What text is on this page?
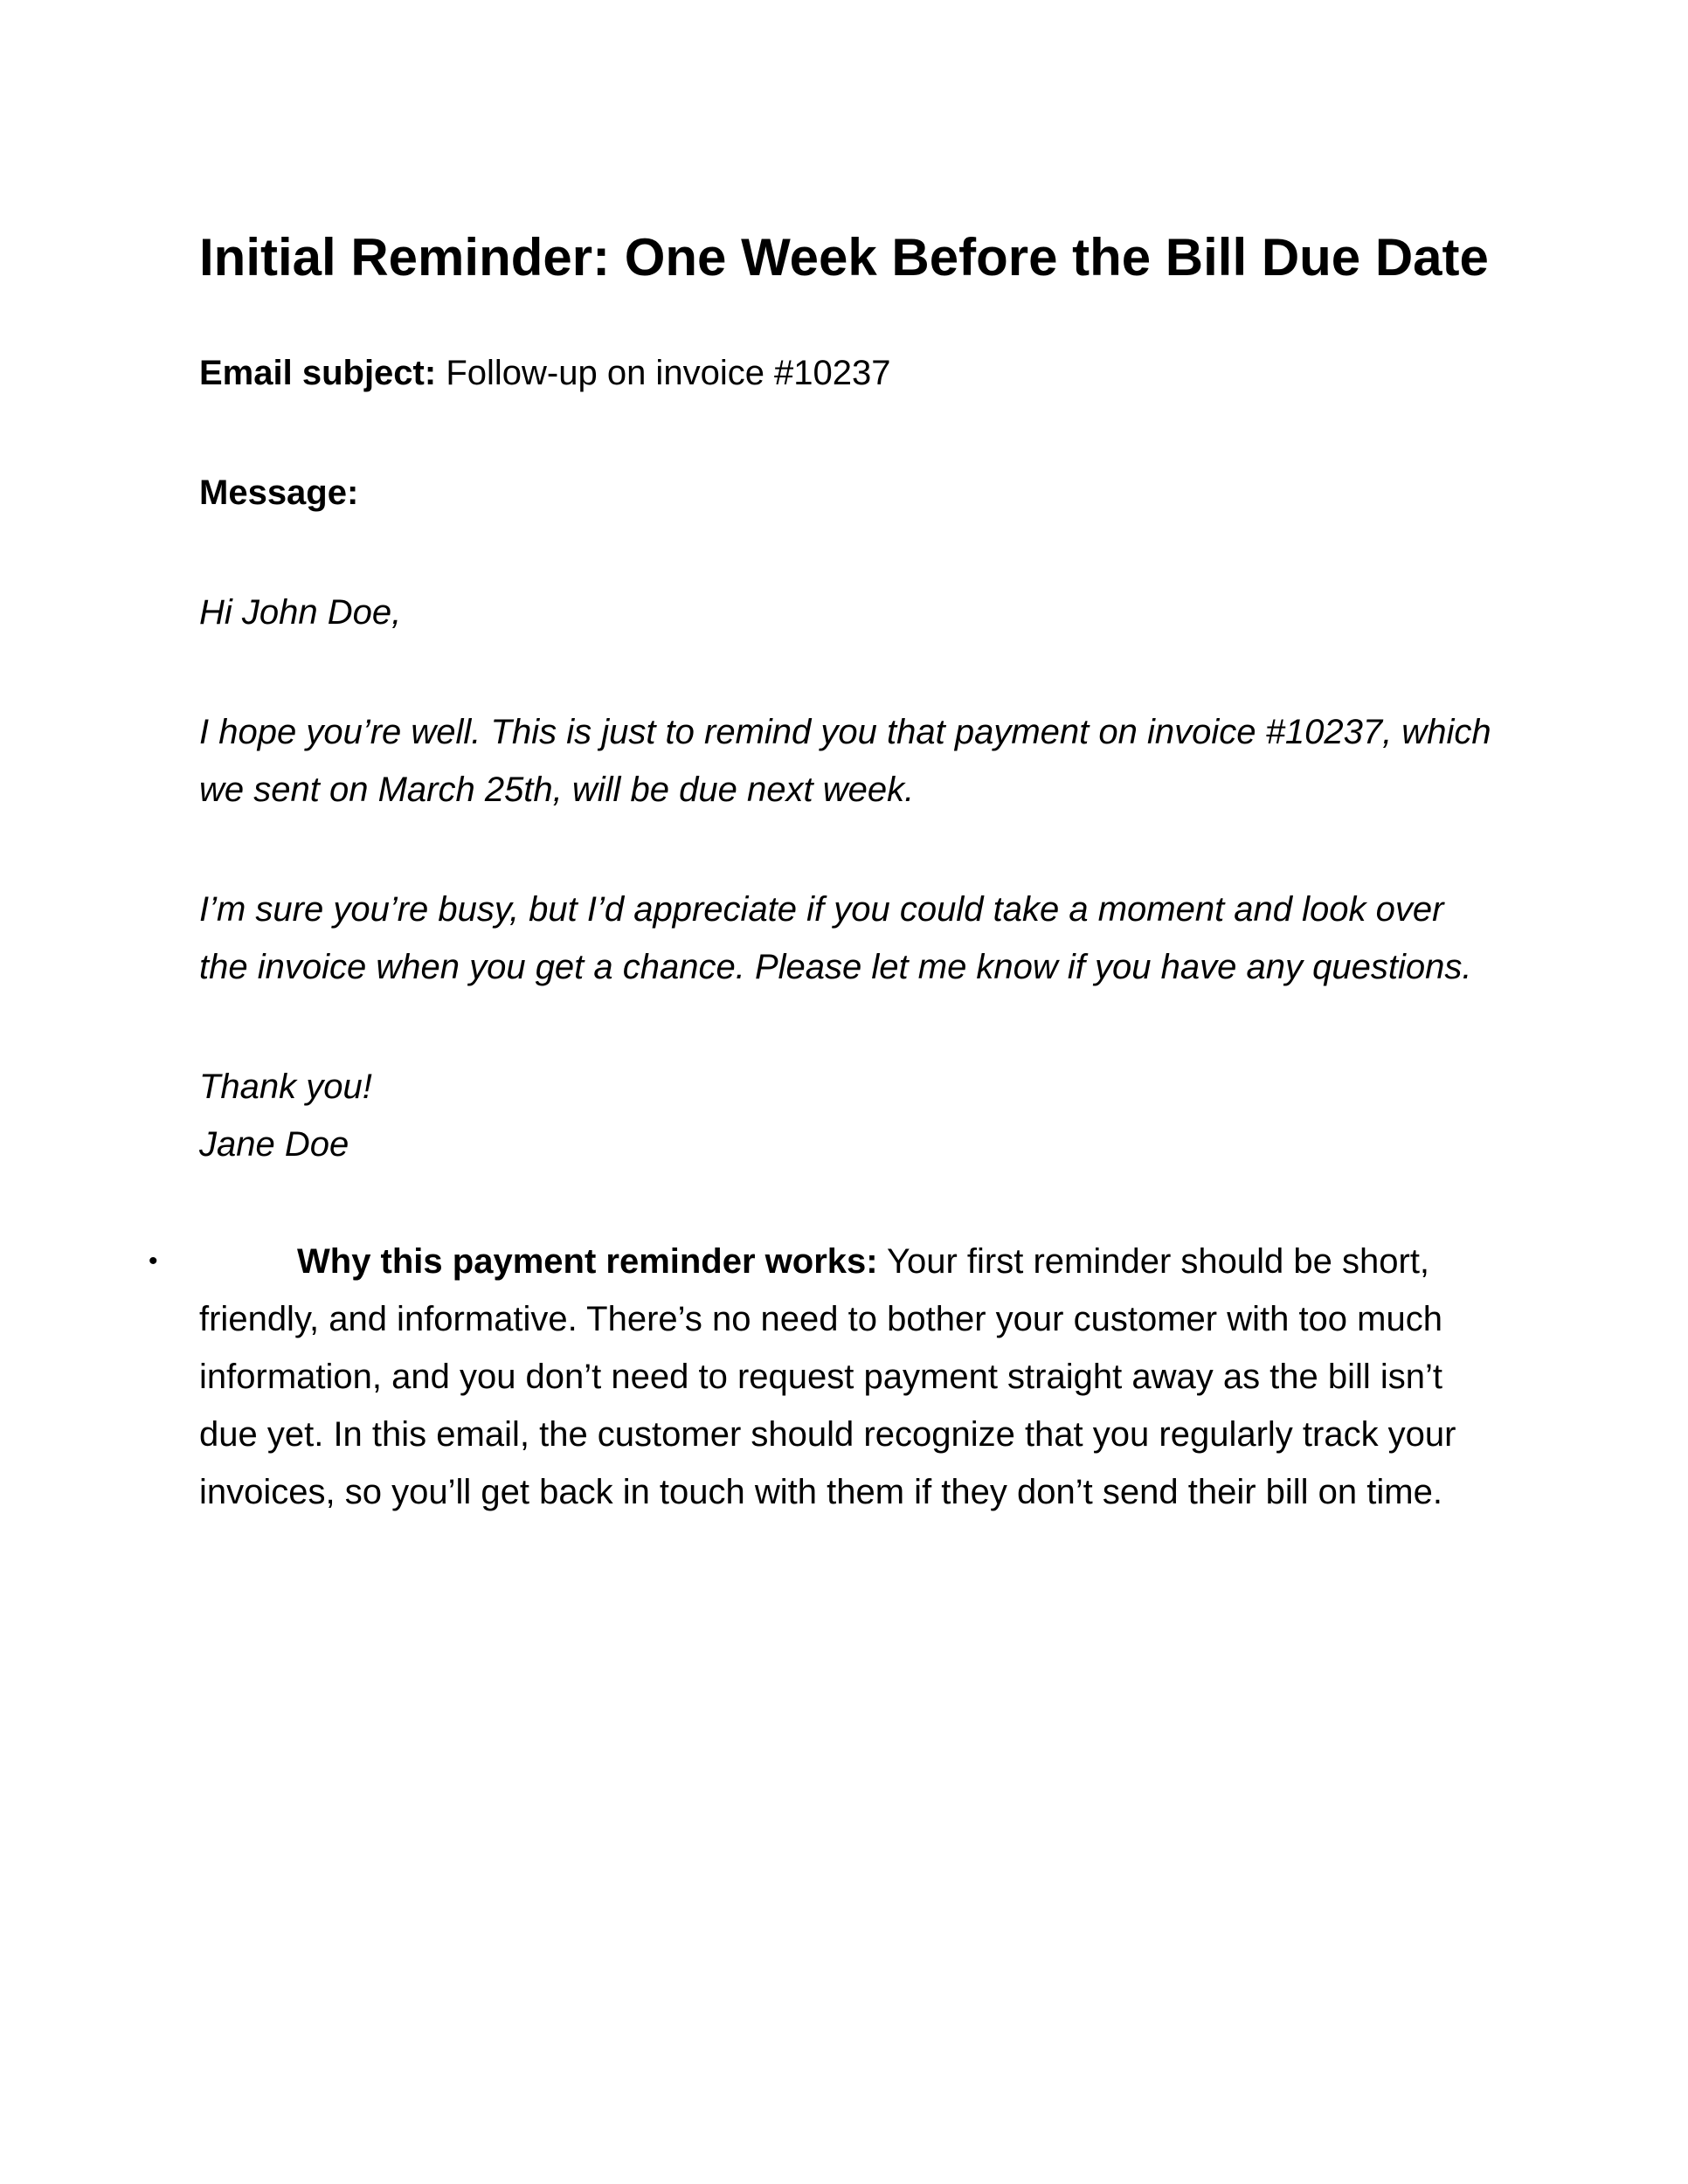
Initial Reminder: One Week Before the Bill Due Date

Email subject: Follow-up on invoice #10237

Message:

Hi John Doe,

I hope you’re well. This is just to remind you that payment on invoice #10237, which we sent on March 25th, will be due next week.

I’m sure you’re busy, but I’d appreciate if you could take a moment and look over the invoice when you get a chance. Please let me know if you have any questions.

Thank you!

Jane Doe

•	Why this payment reminder works: Your first reminder should be short, friendly, and informative. There’s no need to bother your customer with too much information, and you don’t need to request payment straight away as the bill isn’t due yet. In this email, the customer should recognize that you regularly track your invoices, so you’ll get back in touch with them if they don’t send their bill on time.
